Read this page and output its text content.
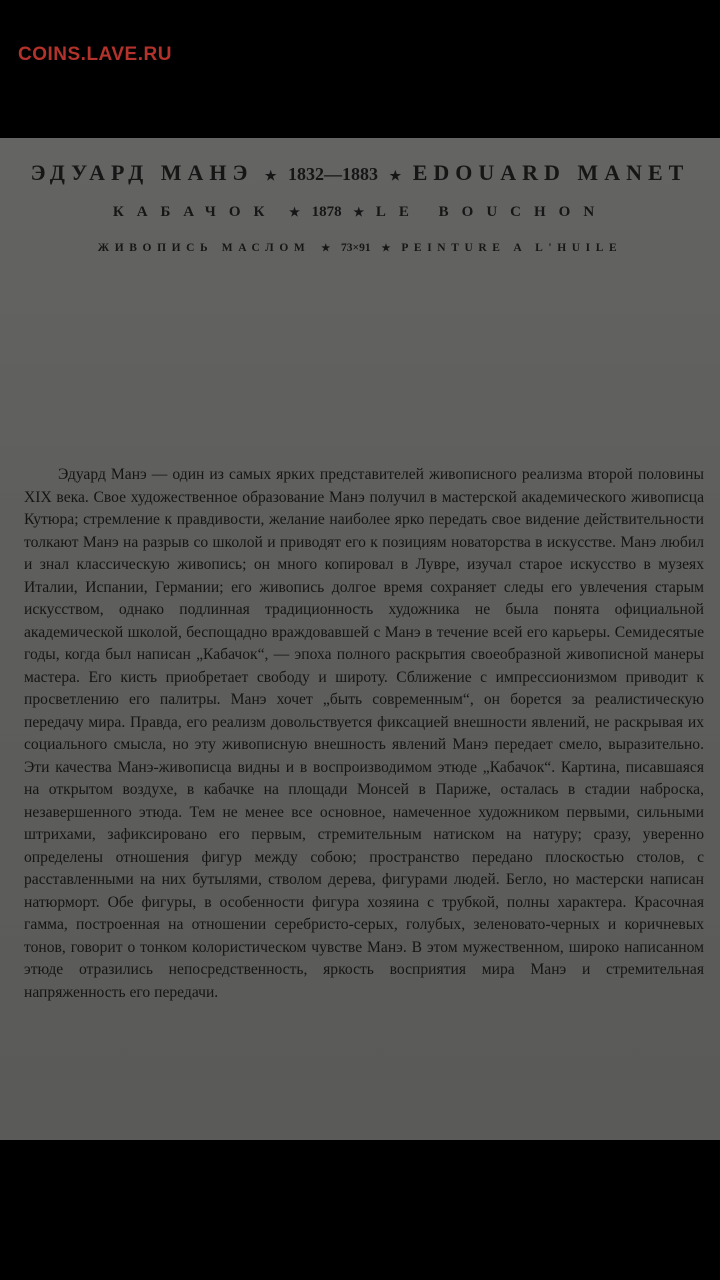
COINS.LAVE.RU
ЭДУАРД МАНЭ ★ 1832—1883 ★ EDOUARD MANET
КАБАЧОК ★ 1878 ★ LE BOUCHON
ЖИВОПИСЬ МАСЛОМ ★ 73×91 ★ PEINTURE A L'HUILE

Эдуард Манэ — один из самых ярких представителей живописного реализма второй половины XIX века. Свое художественное образование Манэ получил в мастерской академического живописца Кутюра; стремление к правдивости, желание наиболее ярко передать свое видение действительности толкают Манэ на разрыв со школой и приводят его к позициям новаторства в искусстве. Манэ любил и знал классическую живопись; он много копировал в Лувре, изучал старое искусство в музеях Италии, Испании, Германии; его живопись долгое время сохраняет следы его увлечения старым искусством, однако подлинная традиционность художника не была понята официальной академической школой, беспощадно враждовавшей с Манэ в течение всей его карьеры. Семидесятые годы, когда был написан „Кабачок“, — эпоха полного раскрытия своеобразной живописной манеры мастера. Его кисть приобретает свободу и широту. Сближение с импрессионизмом приводит к просветлению его палитры. Манэ хочет „быть современным“, он борется за реалистическую передачу мира. Правда, его реализм довольствуется фиксацией внешности явлений, не раскрывая их социального смысла, но эту живописную внешность явлений Манэ передает смело, выразительно. Эти качества Манэ-живописца видны и в воспроизводимом этюде „Кабачок“. Картина, писавшаяся на открытом воздухе, в кабачке на площади Монсей в Париже, осталась в стадии наброска, незавершенного этюда. Тем не менее все основное, намеченное художником первыми, сильными штрихами, зафиксировано его первым, стремительным натиском на натуру; сразу, уверенно определены отношения фигур между собою; пространство передано плоскостью столов, с расставленными на них бутылями, стволом дерева, фигурами людей. Бегло, но мастерски написан натюрморт. Обе фигуры, в особенности фигура хозяина с трубкой, полны характера. Красочная гамма, построенная на отношении серебристо-серых, голубых, зеленовато-черных и коричневых тонов, говорит о тонком колористическом чувстве Манэ. В этом мужественном, широко написанном этюде отразились непосредственность, яркость восприятия мира Манэ и стремительная напряженность его передачи.
